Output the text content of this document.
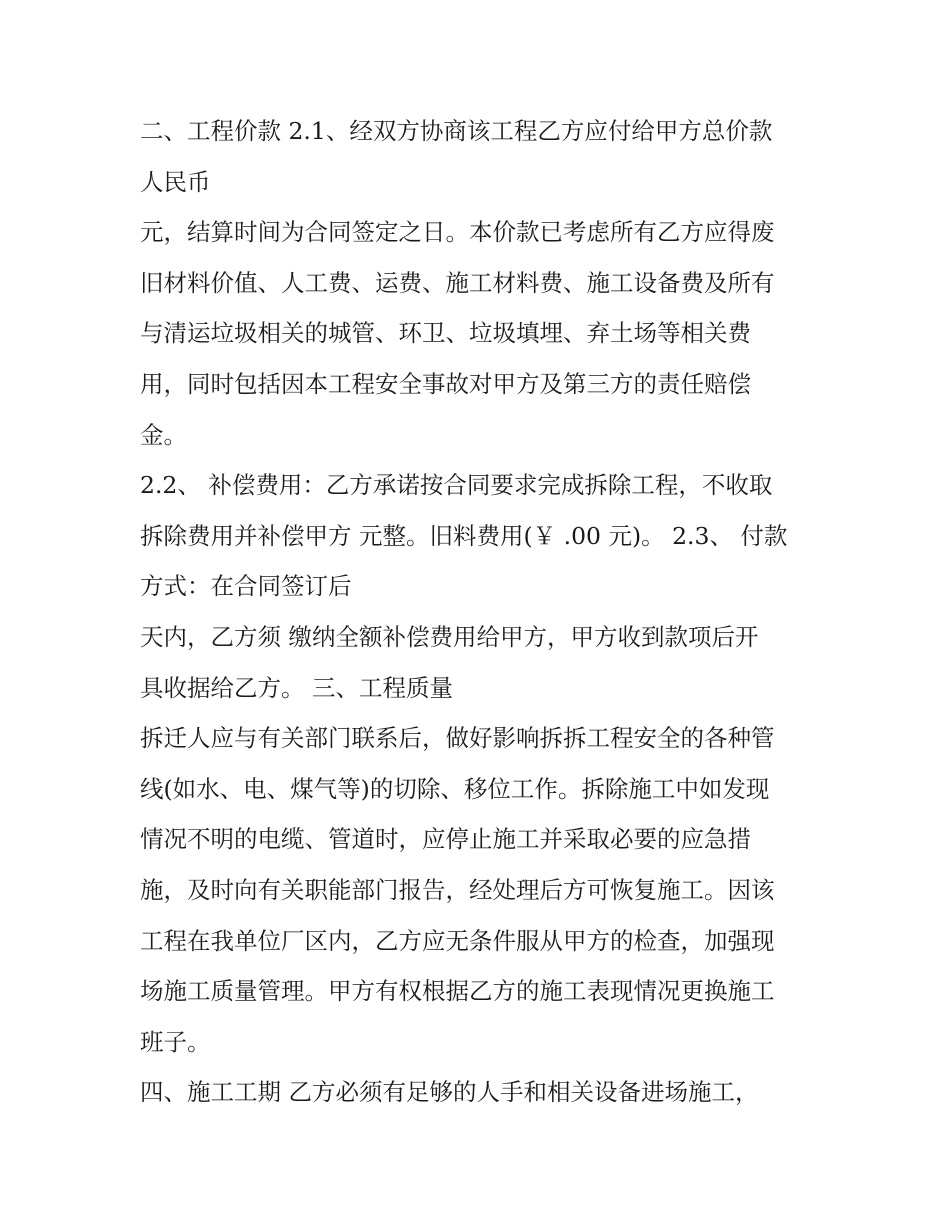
二、工程价款 2.1、经双方协商该工程乙方应付给甲方总价款
人民币
元，结算时间为合同签定之日。本价款已考虑所有乙方应得废
旧材料价值、人工费、运费、施工材料费、施工设备费及所有
与清运垃圾相关的城管、环卫、垃圾填埋、弃土场等相关费
用，同时包括因本工程安全事故对甲方及第三方的责任赔偿
金。
2.2、 补偿费用：乙方承诺按合同要求完成拆除工程，不收取
拆除费用并补偿甲方 元整。旧料费用(￥ .00 元)。 2.3、 付款
方式：在合同签订后
天内，乙方须 缴纳全额补偿费用给甲方，甲方收到款项后开
具收据给乙方。 三、工程质量
拆迁人应与有关部门联系后，做好影响拆拆工程安全的各种管
线(如水、电、煤气等)的切除、移位工作。拆除施工中如发现
情况不明的电缆、管道时，应停止施工并采取必要的应急措
施，及时向有关职能部门报告，经处理后方可恢复施工。因该
工程在我单位厂区内，乙方应无条件服从甲方的检查，加强现
场施工质量管理。甲方有权根据乙方的施工表现情况更换施工
班子。
四、施工工期 乙方必须有足够的人手和相关设备进场施工，
